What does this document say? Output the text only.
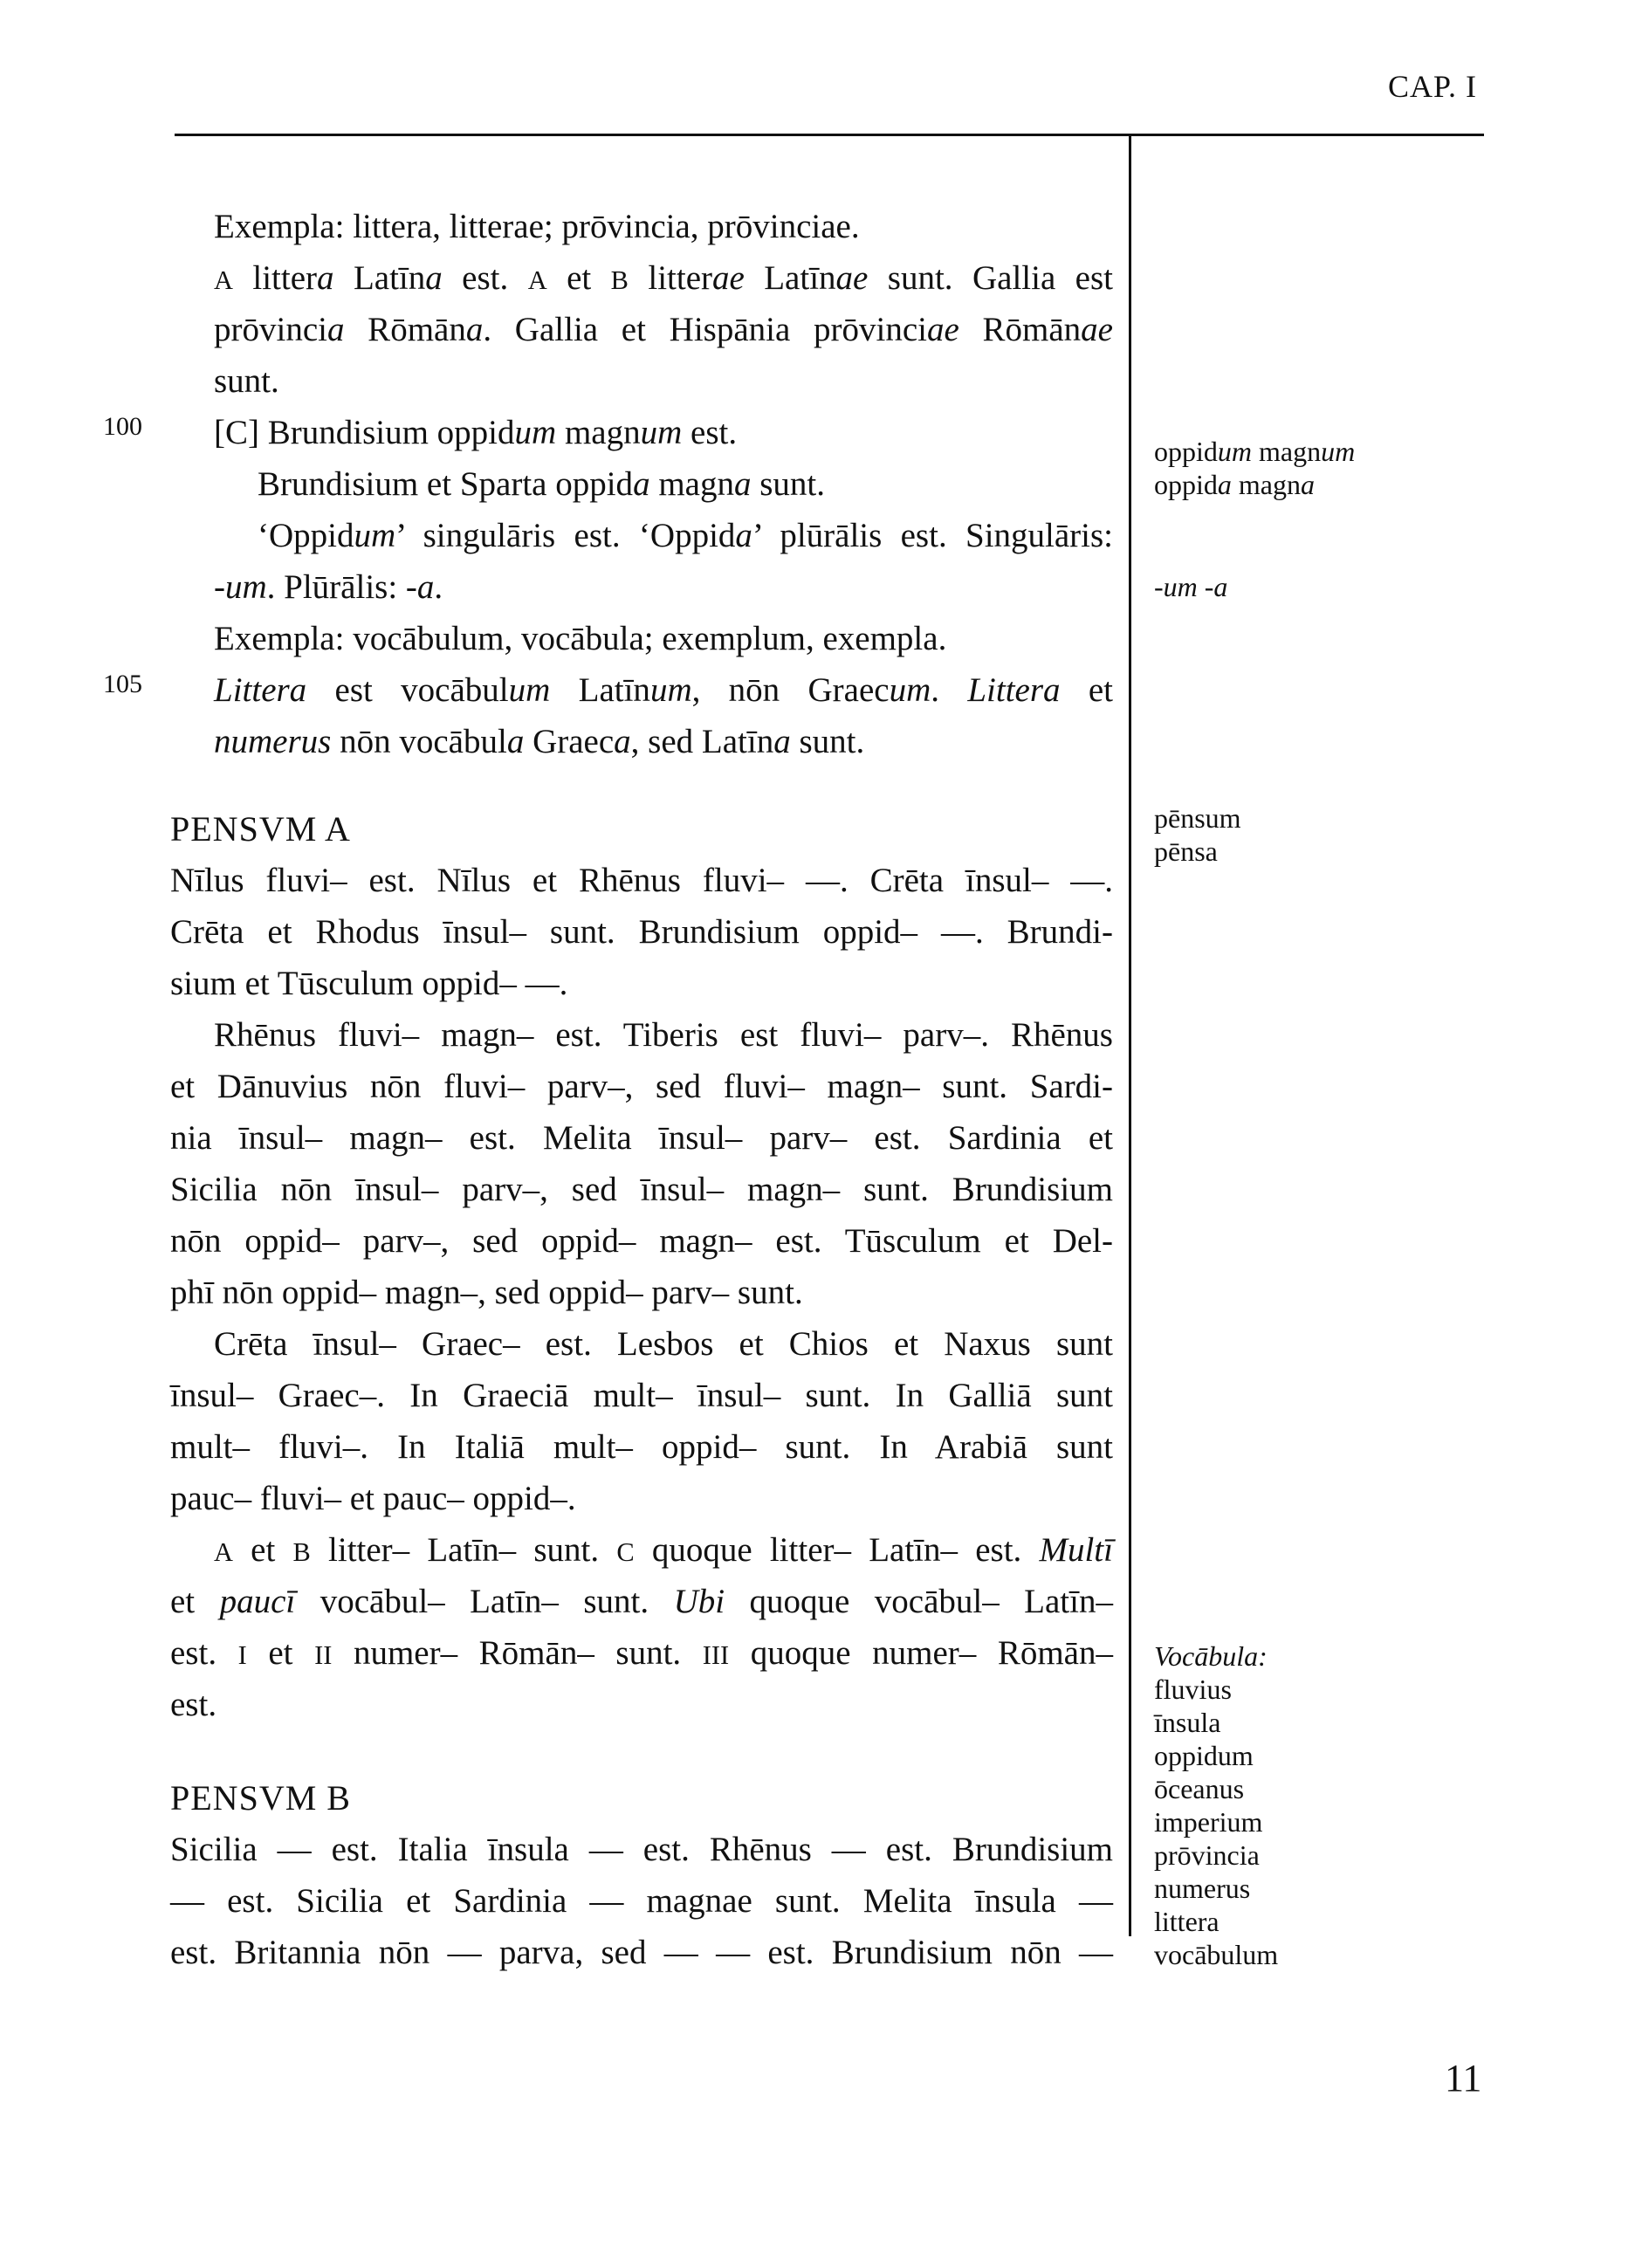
CAP. I
100
105
Exempla: littera, litterae; prōvincia, prōvinciae.
A littera Latīna est. A et B litterae Latīnae sunt. Gallia est
prōvincia Rōmāna. Gallia et Hispānia prōvinciae Rōmānae
sunt.
[C] Brundisium oppidum magnum est.
Brundisium et Sparta oppida magna sunt.
‘Oppidum’ singulāris est. ‘Oppida’ plūrālis est. Singulāris:
-um. Plūrālis: -a.
Exempla: vocābulum, vocābula; exemplum, exempla.
Littera est vocābulum Latīnum, nōn Graecum. Littera et
numerus nōn vocābula Graeca, sed Latīna sunt.
PENSVM A
Nīlus fluvi– est. Nīlus et Rhēnus fluvi– —. Crēta īnsul– —.
Crēta et Rhodus īnsul– sunt. Brundisium oppid– —. Brundi-
sium et Tūsculum oppid– —.
Rhēnus fluvi– magn– est. Tiberis est fluvi– parv–. Rhēnus
et Dānuvius nōn fluvi– parv–, sed fluvi– magn– sunt. Sardi-
nia īnsul– magn– est. Melita īnsul– parv– est. Sardinia et
Sicilia nōn īnsul– parv–, sed īnsul– magn– sunt. Brundisium
nōn oppid– parv–, sed oppid– magn– est. Tūsculum et Del-
phī nōn oppid– magn–, sed oppid– parv– sunt.
Crēta īnsul– Graec– est. Lesbos et Chios et Naxus sunt
īnsul– Graec–. In Graeciā mult– īnsul– sunt. In Galliā sunt
mult– fluvi–. In Italiā mult– oppid– sunt. In Arabiā sunt
pauc– fluvi– et pauc– oppid–.
A et B litter– Latīn– sunt. C quoque litter– Latīn– est. Multī
et paucī vocābul– Latīn– sunt. Ubi quoque vocābul– Latīn–
est. I et II numer– Rōmān– sunt. III quoque numer– Rōmān–
est.
PENSVM B
Sicilia — est. Italia īnsula — est. Rhēnus — est. Brundisium
— est. Sicilia et Sardinia — magnae sunt. Melita īnsula —
est. Britannia nōn — parva, sed — — est. Brundisium nōn —
oppidum magnum
oppida magna
-um -a
pēnsum
pēnsa
Vocābula:
fluvius
īnsula
oppidum
ōceanus
imperium
prōvincia
numerus
littera
vocābulum
11
